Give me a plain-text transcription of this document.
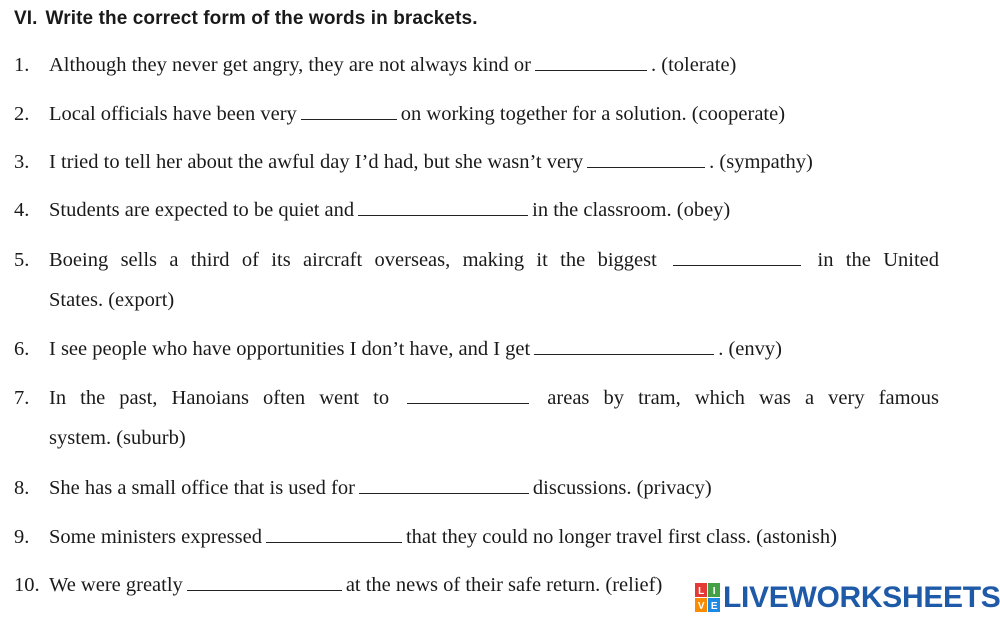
VI. Write the correct form of the words in brackets.
1. Although they never get angry, they are not always kind or	. (tolerate)
2. Local officials have been very	on working together for a solution. (cooperate)
3. I tried to tell her about the awful day I’d had, but she wasn’t very	. (sympathy)
4. Students are expected to be quiet and	in the classroom. (obey)
5. Boeing sells a third of its aircraft overseas, making it the biggest	in the United
States. (export)
6. I see people who have opportunities I don’t have, and I get	. (envy)
7. In the past, Hanoians often went to	areas by tram, which was a very famous
system. (suburb)
8. She has a small office that is used for	discussions. (privacy)
9. Some ministers expressed	that they could no longer travel first class. (astonish)
10. We were greatly	at the news of their safe return. (relief)	L I
V E LIVEWORKSHEETS
